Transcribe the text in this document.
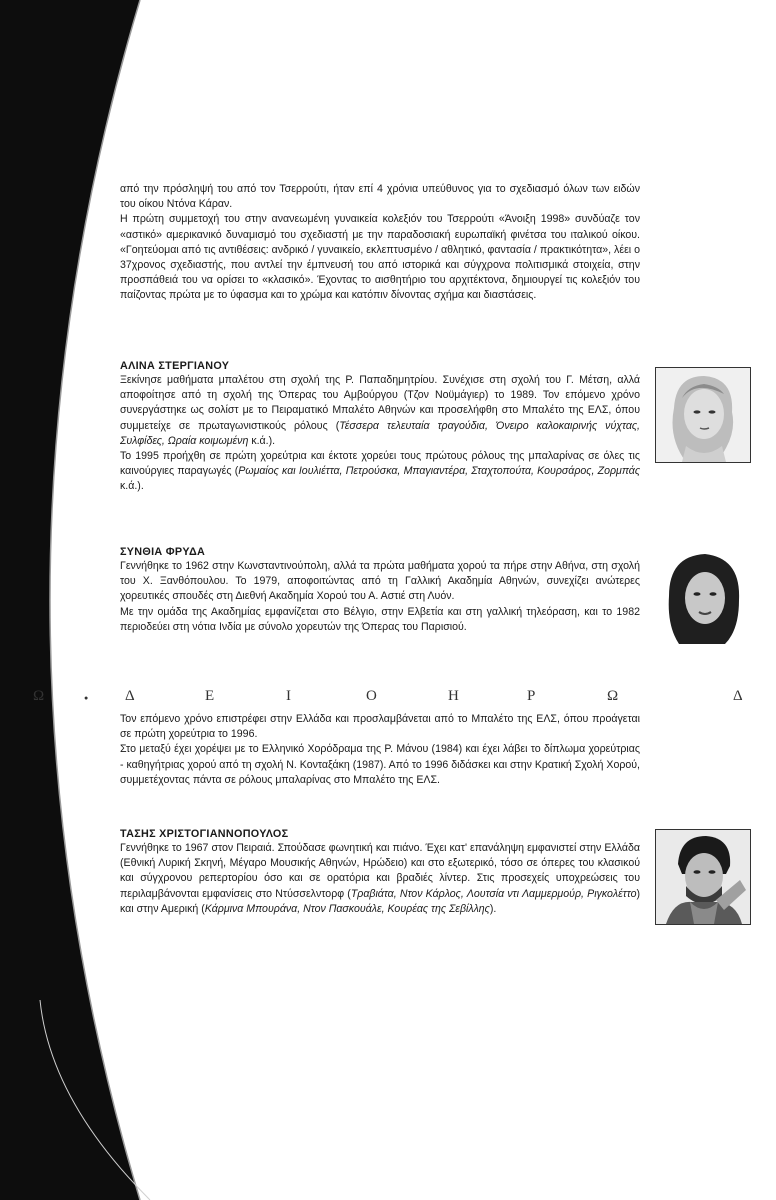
από την πρόσληψή του από τον Τσερρούτι, ήταν επί 4 χρόνια υπεύθυνος για το σχεδιασμό όλων των ειδών του οίκου Ντόνα Κάραν.

Η πρώτη συμμετοχή του στην ανανεωμένη γυναικεία κολεξιόν του Τσερρούτι «Άνοιξη 1998» συνδύαζε τον «αστικό» αμερικανικό δυναμισμό του σχεδιαστή με την παραδοσιακή ευρωπαϊκή φινέτσα του ιταλικού οίκου. «Γοητεύομαι από τις αντιθέσεις: ανδρικό / γυναικείο, εκλεπτυσμένο / αθλητικό, φαντασία / πρακτικότητα», λέει ο 37χρονος σχεδιαστής, που αντλεί την έμπνευσή του από ιστορικά και σύγχρονα πολιτισμικά στοιχεία, στην προσπάθειά του να ορίσει το «κλασικό». Έχοντας το αισθητήριο του αρχιτέκτονα, δημιουργεί τις κολεξιόν του παίζοντας πρώτα με το ύφασμα και το χρώμα και κατόπιν δίνοντας σχήμα και διαστάσεις.

ΑΛΙΝΑ ΣΤΕΡΓΙΑΝΟΥ

Ξεκίνησε μαθήματα μπαλέτου στη σχολή της Ρ. Παπαδημητρίου. Συνέχισε στη σχολή του Γ. Μέτση, αλλά αποφοίτησε από τη σχολή της Όπερας του Αμβούργου (Τζον Νοϋμάγιερ) το 1989. Τον επόμενο χρόνο συνεργάστηκε ως σολίστ με το Πειραματικό Μπαλέτο Αθηνών και προσελήφθη στο Μπαλέτο της ΕΛΣ, όπου συμμετείχε σε πρωταγωνιστικούς ρόλους (Τέσσερα τελευταία τραγούδια, Όνειρο καλοκαιρινής νύχτας, Συλφίδες, Ωραία κοιμωμένη κ.ά.).

Το 1995 προήχθη σε πρώτη χορεύτρια και έκτοτε χορεύει τους πρώτους ρόλους της μπαλαρίνας σε όλες τις καινούργιες παραγωγές (Ρωμαίος και Ιουλιέττα, Πετρούσκα, Μπαγιαντέρα, Σταχτοπούτα, Κουρσάρος, Ζορμπάς κ.ά.).

ΣΥΝΘΙΑ ΦΡΥΔΑ

Γεννήθηκε το 1962 στην Κωνσταντινούπολη, αλλά τα πρώτα μαθήματα χορού τα πήρε στην Αθήνα, στη σχολή του Χ. Ξανθόπουλου. Το 1979, αποφοιτώντας από τη Γαλλική Ακαδημία Αθηνών, συνεχίζει ανώτερες χορευτικές σπουδές στη Διεθνή Ακαδημία Χορού του Α. Αστιέ στη Λυόν.

Με την ομάδα της Ακαδημίας εμφανίζεται στο Βέλγιο, στην Ελβετία και στη γαλλική τηλεόραση, και το 1982 περιοδεύει στη νότια Ινδία με σύνολο χορευτών της Όπερας του Παρισιού.

Ω	● Δ	Ε	Ι	Ο	Η	Ρ	Ω	Δ

Τον επόμενο χρόνο επιστρέφει στην Ελλάδα και προσλαμβάνεται από το Μπαλέτο της ΕΛΣ, όπου προάγεται σε πρώτη χορεύτρια το 1996.

Στο μεταξύ έχει χορέψει με το Ελληνικό Χορόδραμα της Ρ. Μάνου (1984) και έχει λάβει το δίπλωμα χορεύτριας - καθηγήτριας χορού από τη σχολή Ν. Κονταξάκη (1987). Από το 1996 διδάσκει και στην Κρατική Σχολή Χορού, συμμετέχοντας πάντα σε ρόλους μπαλαρίνας στο Μπαλέτο της ΕΛΣ.

ΤΑΣΗΣ ΧΡΙΣΤΟΓΙΑΝΝΟΠΟΥΛΟΣ

Γεννήθηκε το 1967 στον Πειραιά. Σπούδασε φωνητική και πιάνο. Έχει κατ' επανάληψη εμφανιστεί στην Ελλάδα (Εθνική Λυρική Σκηνή, Μέγαρο Μουσικής Αθηνών, Ηρώδειο) και στο εξωτερικό, τόσο σε όπερες του κλασικού και σύγχρονου ρεπερτορίου όσο και σε ορατόρια και βραδιές λίντερ. Στις προσεχείς υποχρεώσεις του περιλαμβάνονται εμφανίσεις στο Ντύσσελντορφ (Τραβιάτα, Ντον Κάρλος, Λουτσία ντι Λαμμερμούρ, Ριγκολέττο) και στην Αμερική (Κάρμινα Μπουράνα, Ντον Πασκουάλε, Κουρέας της Σεβίλλης).
